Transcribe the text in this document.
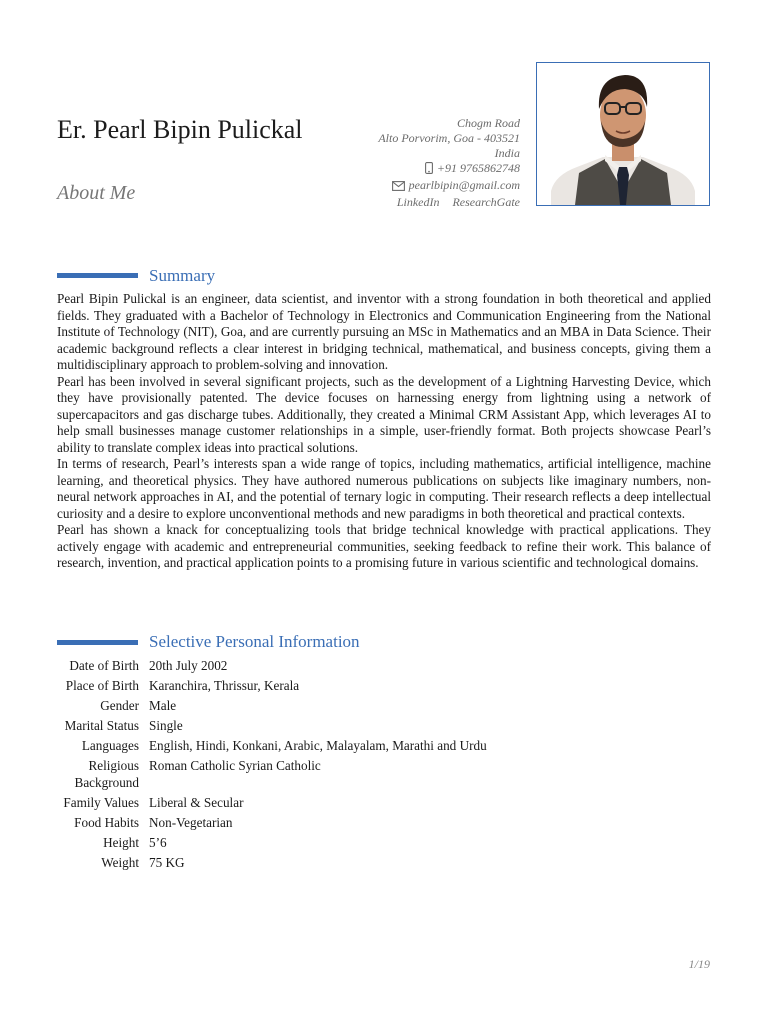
Er. Pearl Bipin Pulickal
About Me
Chogm Road
Alto Porvorim, Goa - 403521
India
+91 9765862748
pearlbipin@gmail.com
LinkedIn ResearchGate
Summary

Pearl Bipin Pulickal is an engineer, data scientist, and inventor with a strong foundation in both theoretical and applied fields. They graduated with a Bachelor of Technology in Electronics and Communication Engineering from the National Institute of Technology (NIT), Goa, and are currently pursuing an MSc in Mathematics and an MBA in Data Science. Their academic background reflects a clear interest in bridging technical, mathematical, and business concepts, giving them a multidisciplinary approach to problem-solving and innovation.

Pearl has been involved in several significant projects, such as the development of a Lightning Harvesting Device, which they have provisionally patented. The device focuses on harnessing energy from lightning using a network of supercapacitors and gas discharge tubes. Additionally, they created a Minimal CRM Assistant App, which leverages AI to help small businesses manage customer relationships in a simple, user-friendly format. Both projects showcase Pearl’s ability to translate complex ideas into practical solutions.

In terms of research, Pearl’s interests span a wide range of topics, including mathematics, artificial intelligence, machine learning, and theoretical physics. They have authored numerous publications on subjects like imaginary numbers, non-neural network approaches in AI, and the potential of ternary logic in computing. Their research reflects a deep intellectual curiosity and a desire to explore unconventional methods and new paradigms in both theoretical and practical contexts.

Pearl has shown a knack for conceptualizing tools that bridge technical knowledge with practical applications. They actively engage with academic and entrepreneurial communities, seeking feedback to refine their work. This balance of research, invention, and practical application points to a promising future in various scientific and technological domains.

Selective Personal Information
Date of Birth 20th July 2002
Place of Birth Karanchira, Thrissur, Kerala
Gender Male
Marital Status Single
Languages English, Hindi, Konkani, Arabic, Malayalam, Marathi and Urdu
Religious Background
Roman Catholic Syrian Catholic
Family Values Liberal & Secular
Food Habits Non-Vegetarian
Height 5’6
Weight 75 KG
1/19
